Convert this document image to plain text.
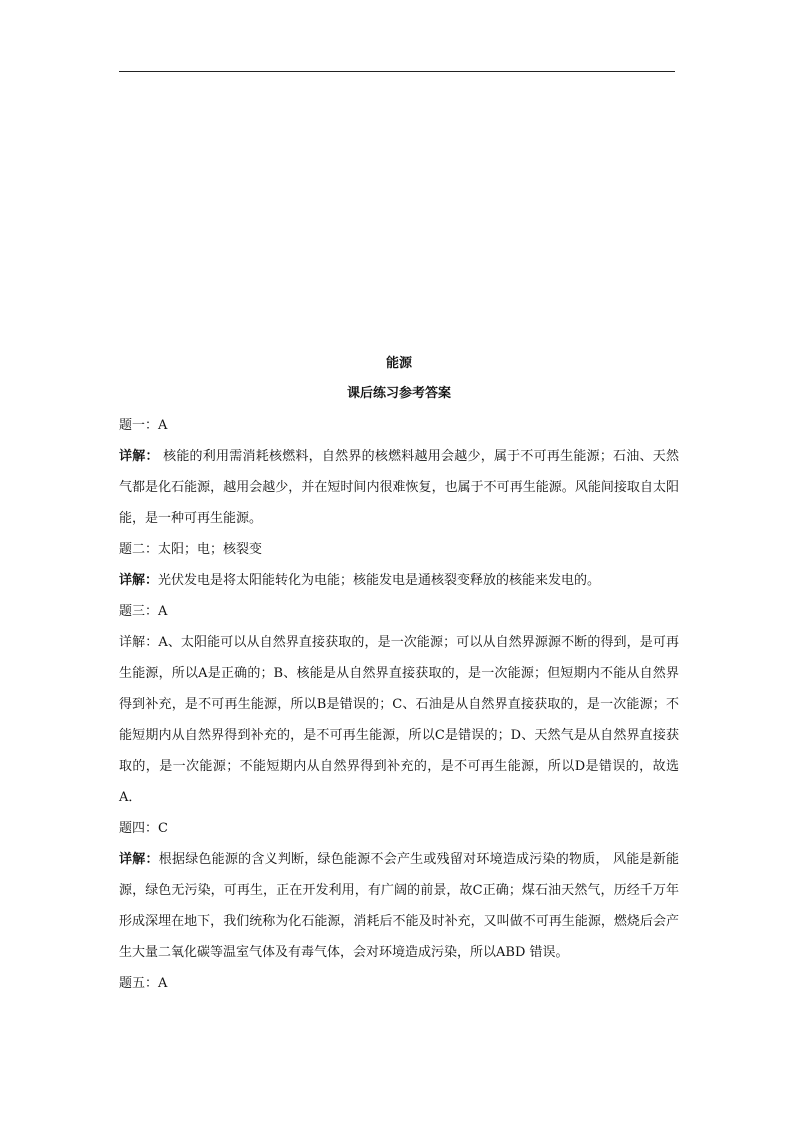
能源

课后练习参考答案

题一：A

详解： 核能的利用需消耗核燃料，自然界的核燃料越用会越少，属于不可再生能源；石油、天然气都是化石能源，越用会越少，并在短时间内很难恢复，也属于不可再生能源。风能间接取自太阳能，是一种可再生能源。

题二：太阳；电；核裂变

详解：光伏发电是将太阳能转化为电能；核能发电是通核裂变释放的核能来发电的。

题三：A

详解：A、太阳能可以从自然界直接获取的，是一次能源；可以从自然界源源不断的得到，是可再生能源，所以A是正确的；B、核能是从自然界直接获取的，是一次能源；但短期内不能从自然界得到补充，是不可再生能源，所以B是错误的；C、石油是从自然界直接获取的，是一次能源；不能短期内从自然界得到补充的，是不可再生能源，所以C是错误的；D、天然气是从自然界直接获取的，是一次能源；不能短期内从自然界得到补充的，是不可再生能源，所以D是错误的，故选A．

题四：C

详解：根据绿色能源的含义判断，绿色能源不会产生或残留对环境造成污染的物质， 风能是新能源，绿色无污染，可再生，正在开发利用，有广阔的前景，故C正确；煤石油天然气，历经千万年形成深埋在地下，我们统称为化石能源，消耗后不能及时补充，又叫做不可再生能源，燃烧后会产生大量二氧化碳等温室气体及有毒气体，会对环境造成污染，所以ABD 错误。

题五：A
